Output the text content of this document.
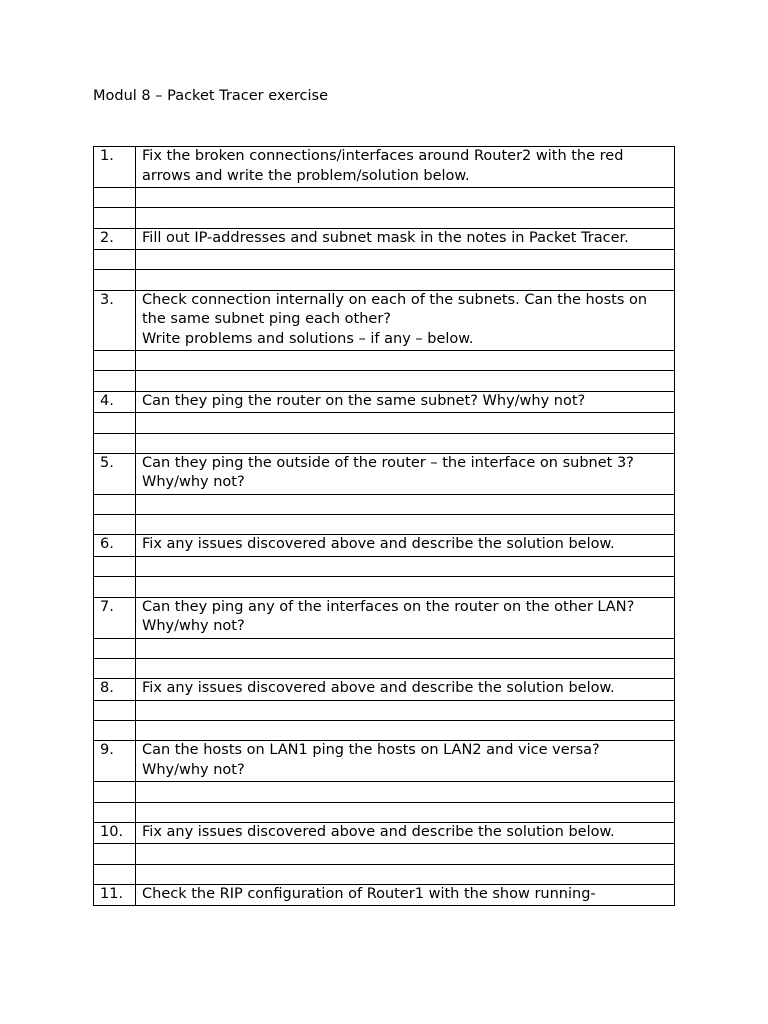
Modul 8 – Packet Tracer exercise
1.	Fix the broken connections/interfaces around Router2 with the red arrows and write the problem/solution below.

2.	Fill out IP-addresses and subnet mask in the notes in Packet Tracer.

3.	Check connection internally on each of the subnets. Can the hosts on the same subnet ping each other?
Write problems and solutions – if any – below.

4.	Can they ping the router on the same subnet? Why/why not?

5.	Can they ping the outside of the router – the interface on subnet 3? Why/why not?

6.	Fix any issues discovered above and describe the solution below.

7.	Can they ping any of the interfaces on the router on the other LAN? Why/why not?

8.	Fix any issues discovered above and describe the solution below.

9.	Can the hosts on LAN1 ping the hosts on LAN2 and vice versa? Why/why not?

10.	Fix any issues discovered above and describe the solution below.

11.	Check the RIP configuration of Router1 with the show running-
